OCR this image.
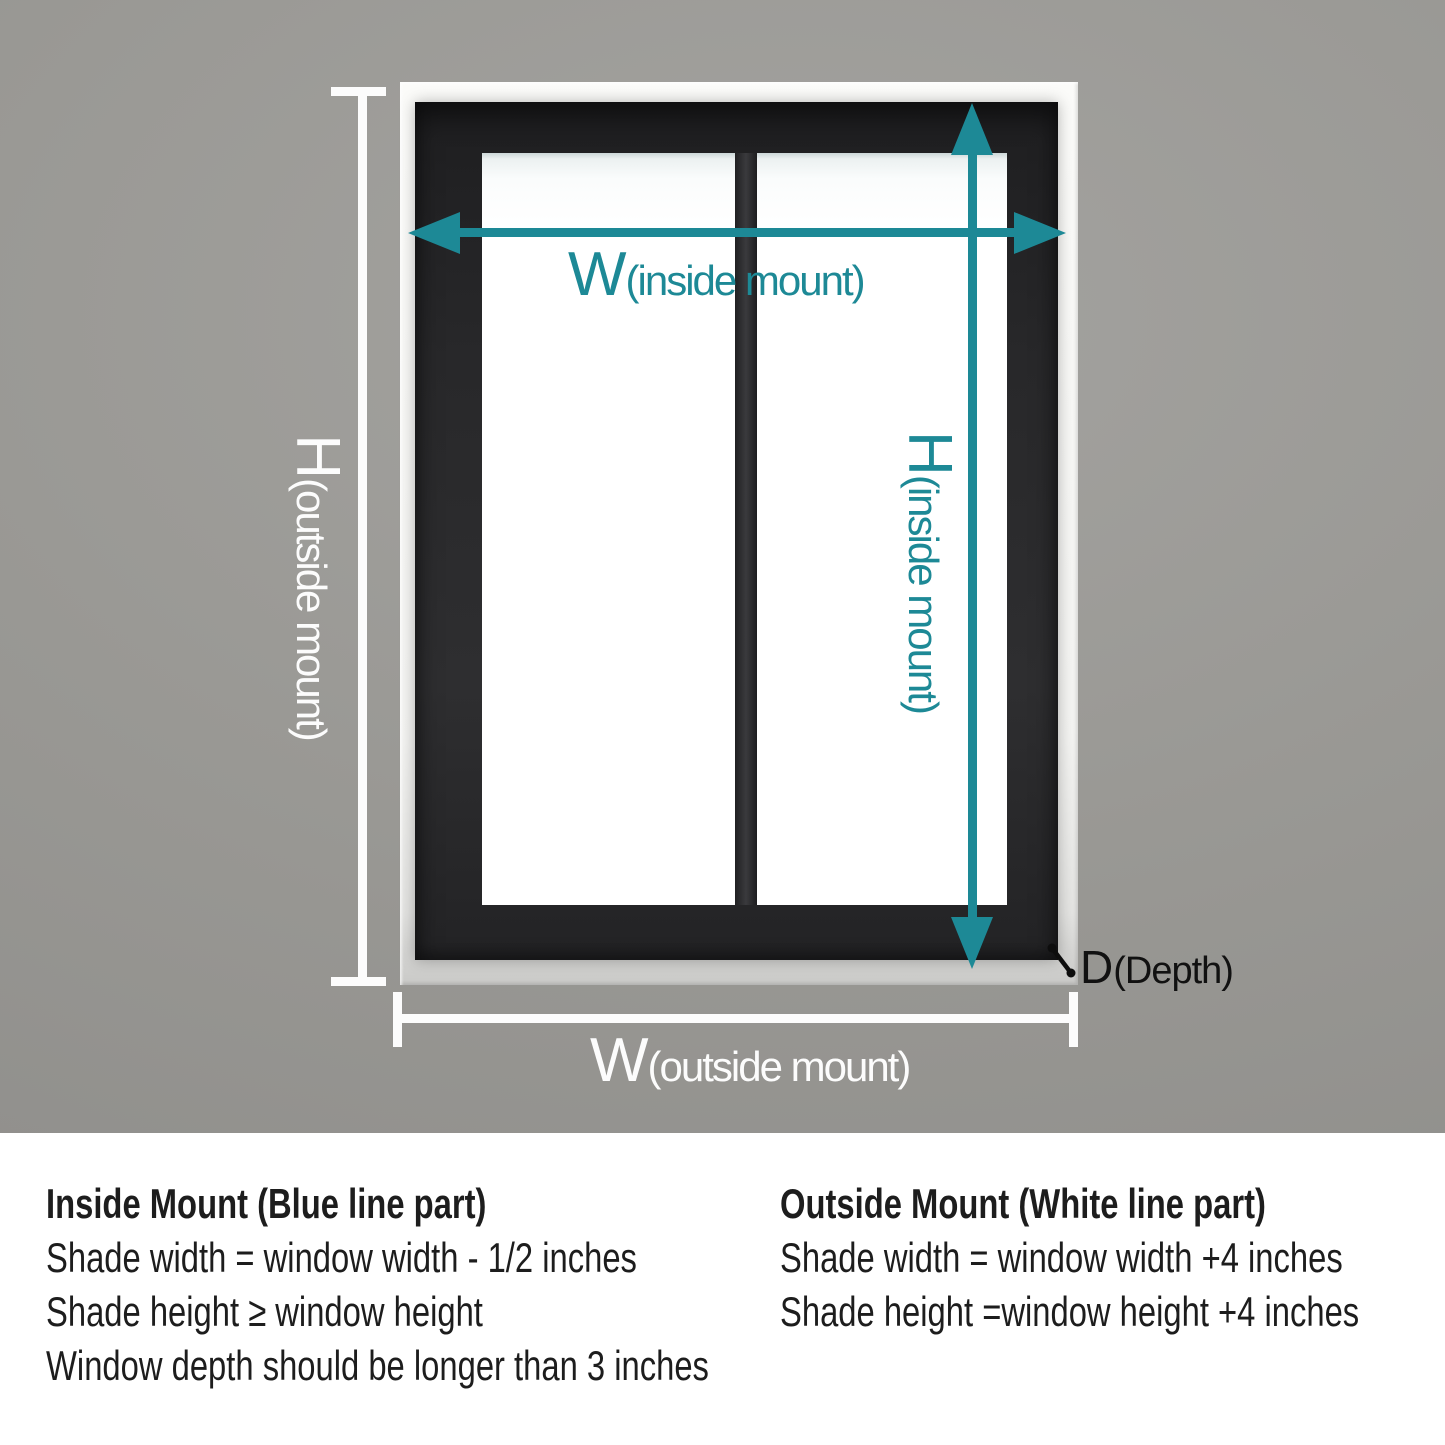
H(outside mount)
W(outside mount)
W(inside mount)
H(inside mount)
D(Depth)

Inside Mount (Blue line part)

Shade width = window width - 1/2 inches

Shade height ≥ window height

Window depth should be longer than 3 inches

Outside Mount (White line part)

Shade width = window width +4 inches

Shade height =window height +4 inches
